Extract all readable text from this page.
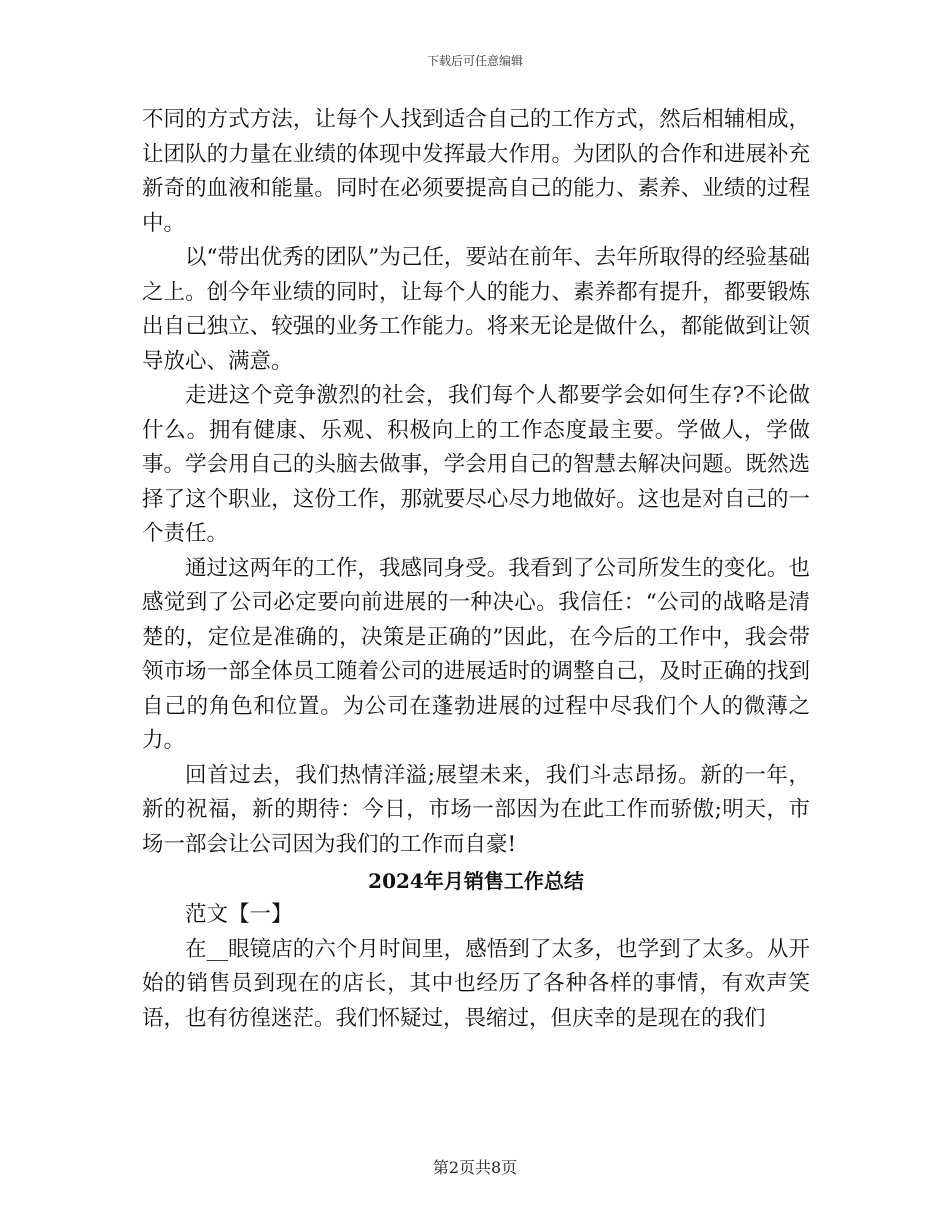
下载后可任意编辑

不同的方式方法，让每个人找到适合自己的工作方式，然后相辅相成，让团队的力量在业绩的体现中发挥最大作用。为团队的合作和进展补充新奇的血液和能量。同时在必须要提高自己的能力、素养、业绩的过程中。

以“带出优秀的团队”为己任，要站在前年、去年所取得的经验基础之上。创今年业绩的同时，让每个人的能力、素养都有提升，都要锻炼出自己独立、较强的业务工作能力。将来无论是做什么，都能做到让领导放心、满意。

走进这个竞争激烈的社会，我们每个人都要学会如何生存?不论做什么。拥有健康、乐观、积极向上的工作态度最主要。学做人，学做事。学会用自己的头脑去做事，学会用自己的智慧去解决问题。既然选择了这个职业，这份工作，那就要尽心尽力地做好。这也是对自己的一个责任。

通过这两年的工作，我感同身受。我看到了公司所发生的变化。也感觉到了公司必定要向前进展的一种决心。我信任：“公司的战略是清楚的，定位是准确的，决策是正确的”因此，在今后的工作中，我会带领市场一部全体员工随着公司的进展适时的调整自己，及时正确的找到自己的角色和位置。为公司在蓬勃进展的过程中尽我们个人的微薄之力。

回首过去，我们热情洋溢;展望未来，我们斗志昂扬。新的一年，新的祝福，新的期待：今日，市场一部因为在此工作而骄傲;明天，市场一部会让公司因为我们的工作而自豪!

2024年月销售工作总结

范文【一】

在__眼镜店的六个月时间里，感悟到了太多，也学到了太多。从开始的销售员到现在的店长，其中也经历了各种各样的事情，有欢声笑语，也有彷徨迷茫。我们怀疑过，畏缩过，但庆幸的是现在的我们

第2页共8页
